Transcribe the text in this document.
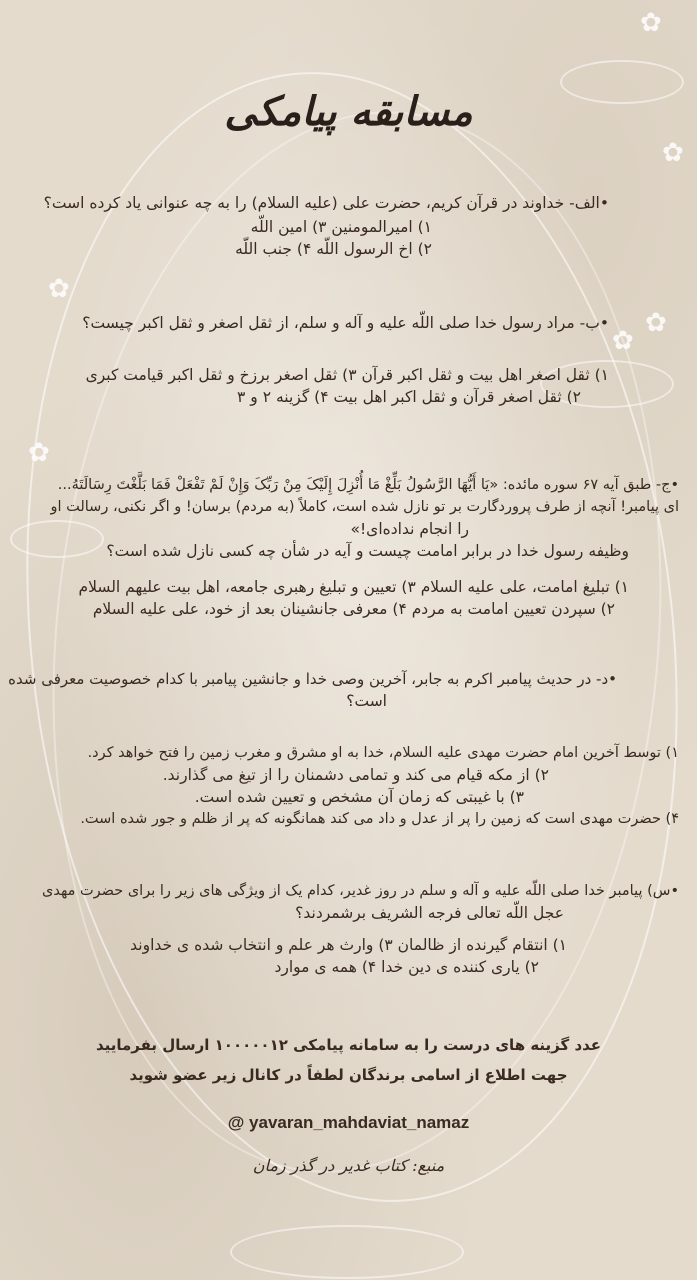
✿
✿
✿
✿
✿
✿
مسابقه پیامکی
•الف- خداوند در قرآن کریم، حضرت علی (علیه السلام) را به چه عنوانی یاد کرده است؟
۱) امیرالمومنین ۳) امین اللّه
۲) اخ الرسول اللّه ۴) جنب اللّه
•ب- مراد رسول خدا صلی اللّه علیه و آله و سلم، از ثقل اصغر و ثقل اکبر چیست؟
۱) ثقل اصغر اهل بیت و ثقل اکبر قرآن ۳) ثقل اصغر برزخ و ثقل اکبر قیامت کبری
۲) ثقل اصغر قرآن و ثقل اکبر اهل بیت ۴) گزینه ۲ و ۳
•ج- طبق آیه ۶۷ سوره مائده: «یَا أَیُّهَا الرَّسُولُ بَلِّغْ مَا أُنْزِلَ إِلَیْکَ مِنْ رَبِّکَ وَإِنْ لَمْ تَفْعَلْ فَمَا بَلَّغْتَ رِسَالَتَهُ...
ای پیامبر! آنچه از طرف پروردگارت بر تو نازل شده است، کاملاً (به مردم) برسان! و اگر نکنی، رسالت او
را انجام نداده‌ای!»
وظیفه رسول خدا در برابر امامت چیست و آیه در شأن چه کسی نازل شده است؟
۱) تبلیغ امامت، علی علیه السلام ۳) تعیین و تبلیغ رهبری جامعه، اهل بیت علیهم السلام
۲) سپردن تعیین امامت به مردم ۴) معرفی جانشینان بعد از خود، علی علیه السلام
•د- در حدیث پیامبر اکرم به جابر، آخرین وصی خدا و جانشین پیامبر با کدام خصوصیت معرفی شده
است؟
۱) توسط آخرین امام حضرت مهدی علیه السلام، خدا به او مشرق و مغرب زمین را فتح خواهد کرد.
۲) از مکه قیام می کند و تمامی دشمنان را از تیغ می گذارند.
۳) با غیبتی که زمان آن مشخص و تعیین شده است.
۴) حضرت مهدی است که زمین را پر از عدل و داد می کند همانگونه که پر از ظلم و جور شده است.
•س) پیامبر خدا صلی اللّه علیه و آله و سلم در روز غدیر، کدام یک از ویژگی های زیر را برای حضرت مهدی
عجل اللّه تعالی فرجه الشریف برشمردند؟
۱) انتقام گیرنده از ظالمان ۳) وارث هر علم و انتخاب شده ی خداوند
۲) یاری کننده ی دین خدا ۴) همه ی موارد
عدد گزینه های درست را به سامانه پیامکی ۱۰۰۰۰۰۱۲ ارسال بفرمایید
جهت اطلاع از اسامی برندگان لطفاً در کانال زیر عضو شوید
@ yavaran_mahdaviat_namaz
منبع: کتاب غدیر در گذر زمان
